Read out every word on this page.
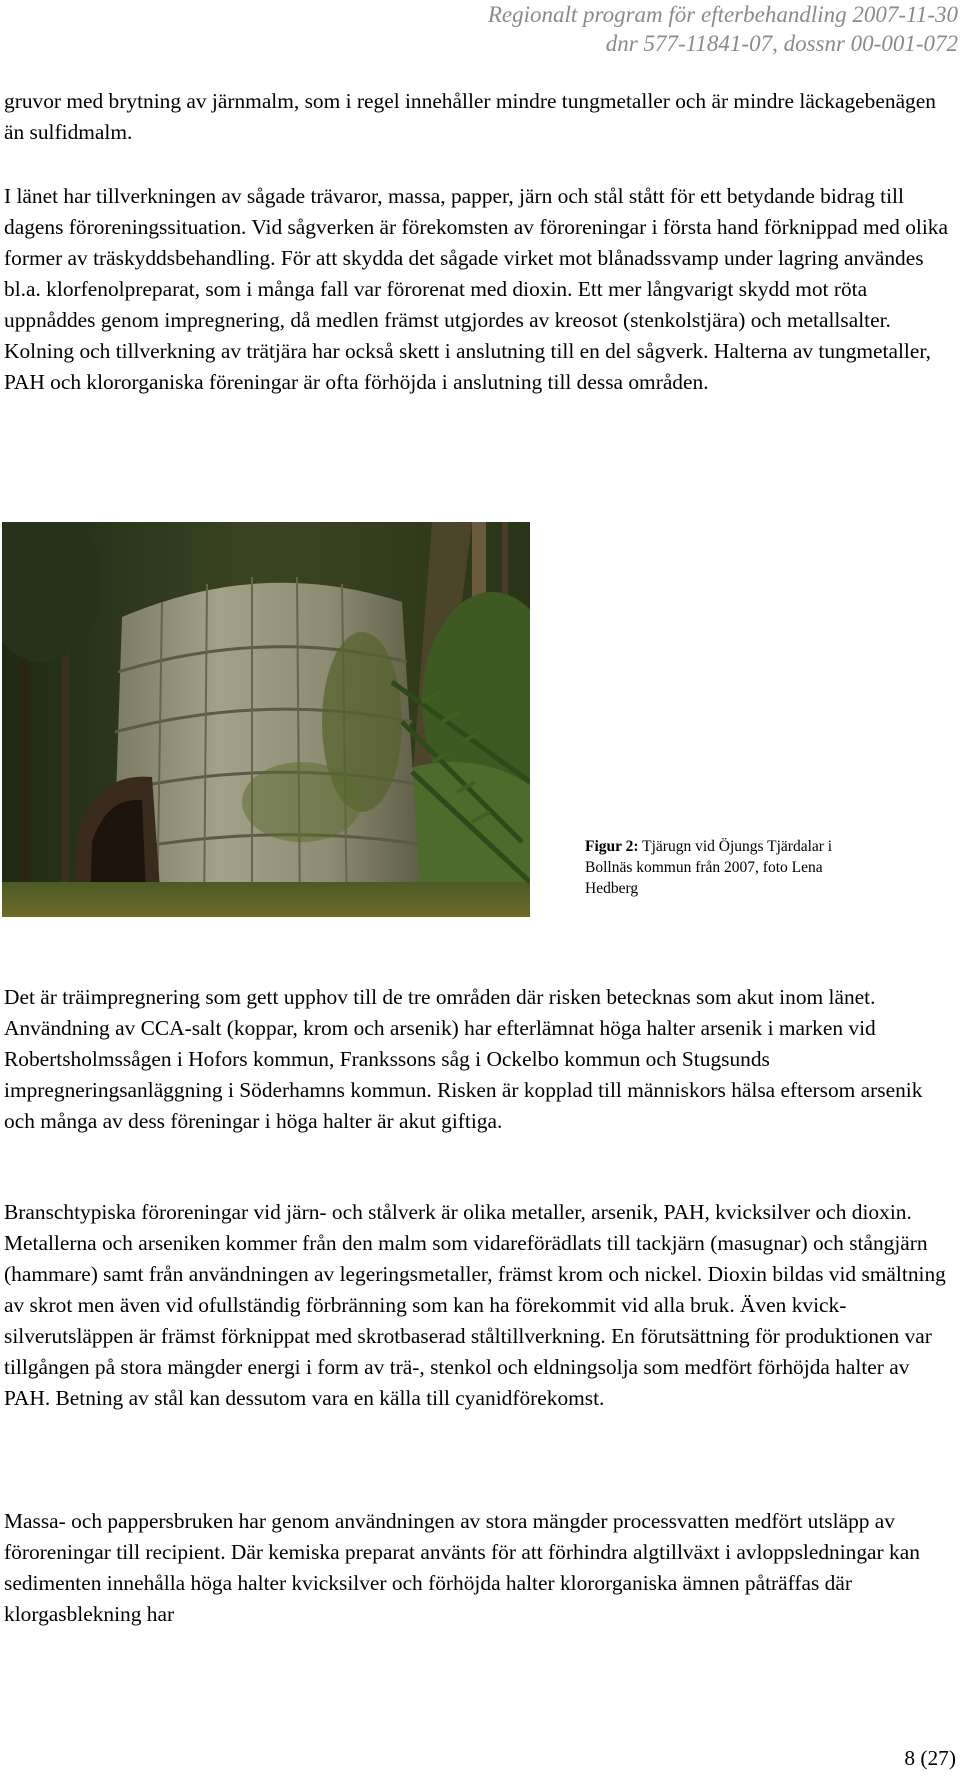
Regionalt program för efterbehandling 2007-11-30
dnr 577-11841-07, dossnr 00-001-072

gruvor med brytning av järnmalm, som i regel innehåller mindre tungmetaller och är mindre läckagebenägen än sulfidmalm.

I länet har tillverkningen av sågade trävaror, massa, papper, järn och stål stått för ett betydande bidrag till dagens föroreningssituation. Vid sågverken är förekomsten av föroreningar i första hand förknippad med olika former av träskyddsbehandling. För att skydda det sågade virket mot blånadssvamp under lagring användes bl.a. klorfenolpreparat, som i många fall var förorenat med dioxin. Ett mer långvarigt skydd mot röta uppnåddes genom impregnering, då medlen främst utgjordes av kreosot (stenkolstjära) och metallsalter. Kolning och tillverkning av trätjära har också skett i anslutning till en del sågverk. Halterna av tungmetaller, PAH och klororganiska föreningar är ofta förhöjda i anslutning till dessa områden.

Figur 2: Tjärugn vid Öjungs Tjärdalar i Bollnäs kommun från 2007, foto Lena Hedberg

Det är träimpregnering som gett upphov till de tre områden där risken betecknas som akut inom länet. Användning av CCA-salt (koppar, krom och arsenik) har efterlämnat höga halter arsenik i marken vid Robertsholmssågen i Hofors kommun, Frankssons såg i Ockelbo kommun och Stugsunds impregneringsanläggning i Söderhamns kommun. Risken är kopplad till människors hälsa eftersom arsenik och många av dess föreningar i höga halter är akut giftiga.

Branschtypiska föroreningar vid järn- och stålverk är olika metaller, arsenik, PAH, kvicksilver och dioxin. Metallerna och arseniken kommer från den malm som vidareförädlats till tackjärn (masugnar) och stångjärn (hammare) samt från användningen av legeringsmetaller, främst krom och nickel. Dioxin bildas vid smältning av skrot men även vid ofullständig förbränning som kan ha förekommit vid alla bruk. Även kvick-silverutsläppen är främst förknippat med skrotbaserad ståltillverkning. En förutsättning för produktionen var tillgången på stora mängder energi i form av trä-, stenkol och eldningsolja som medfört förhöjda halter av PAH. Betning av stål kan dessutom vara en källa till cyanidförekomst.

Massa- och pappersbruken har genom användningen av stora mängder processvatten medfört utsläpp av föroreningar till recipient. Där kemiska preparat använts för att förhindra algtillväxt i avloppsledningar kan sedimenten innehålla höga halter kvicksilver och förhöjda halter klororganiska ämnen påträffas där klorgasblekning har

8 (27)
